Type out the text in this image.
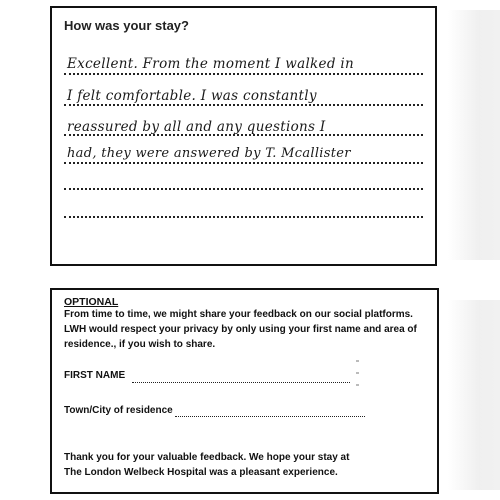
How was your stay?
Excellent. From the moment I walked in
I felt comfortable. I was constantly
reassured by all and any questions I
had, they were answered by T. Mcallister
OPTIONAL
From time to time, we might share your feedback on our social platforms.
LWH would respect your privacy by only using your first name and area of
residence., if you wish to share.
FIRST NAME
Town/City of residence
Thank you for your valuable feedback. We hope your stay at
The London Welbeck Hospital was a pleasant experience.
